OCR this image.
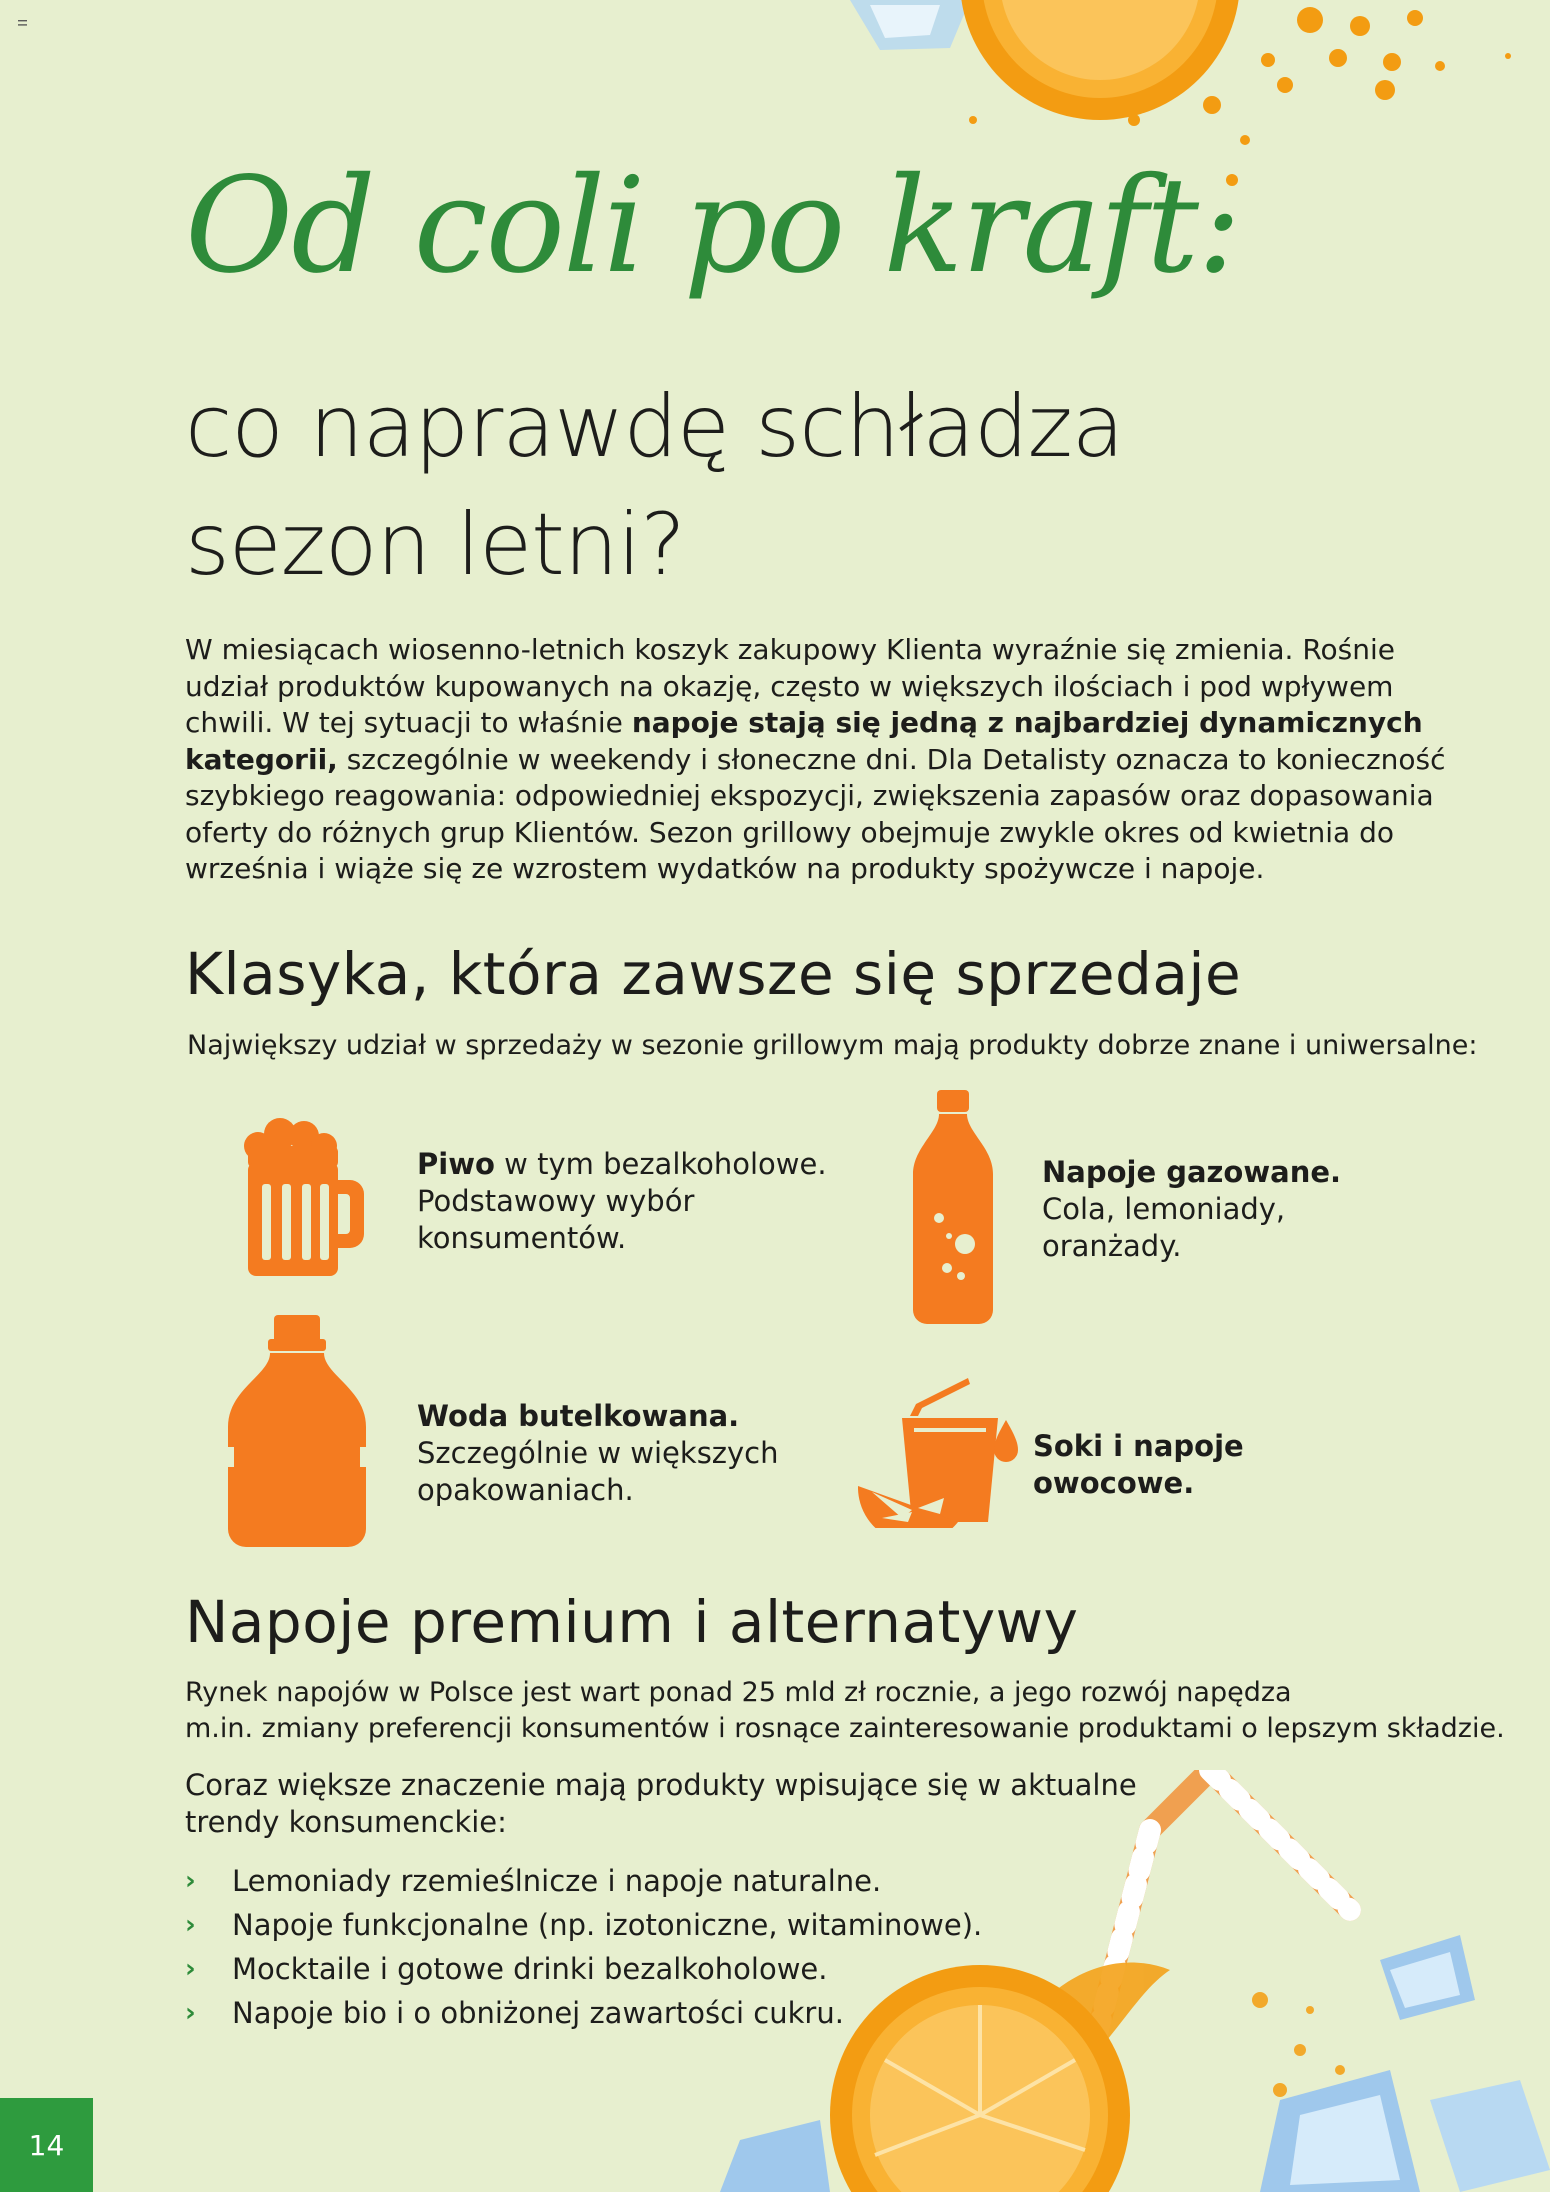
Od coli po kraft:
co naprawdę schładza
sezon letni?

W miesiącach wiosenno-letnich koszyk zakupowy Klienta wyraźnie się zmienia. Rośnie udział produktów kupowanych na okazję, często w większych ilościach i pod wpływem chwili. W tej sytuacji to właśnie napoje stają się jedną z najbardziej dynamicznych kategorii, szczególnie w weekendy i słoneczne dni. Dla Detalisty oznacza to konieczność szybkiego reagowania: odpowiedniej ekspozycji, zwiększenia zapasów oraz dopasowania oferty do różnych grup Klientów. Sezon grillowy obejmuje zwykle okres od kwietnia do września i wiąże się ze wzrostem wydatków na produkty spożywcze i napoje.

Klasyka, która zawsze się sprzedaje
Największy udział w sprzedaży w sezonie grillowym mają produkty dobrze znane i uniwersalne:
Piwo w tym bezalkoholowe.
Podstawowy wybór
konsumentów.
Napoje gazowane.
Cola, lemoniady,
oranżady.
Woda butelkowana.
Szczególnie w większych
opakowaniach.
Soki i napoje
owocowe.
Napoje premium i alternatywy
Rynek napojów w Polsce jest wart ponad 25 mld zł rocznie, a jego rozwój napędza
m.in. zmiany preferencji konsumentów i rosnące zainteresowanie produktami o lepszym składzie.
Coraz większe znaczenie mają produkty wpisujące się w aktualne
trendy konsumenckie:
›	Lemoniady rzemieślnicze i napoje naturalne.
›	Napoje funkcjonalne (np. izotoniczne, witaminowe).
›	Mocktaile i gotowe drinki bezalkoholowe.
›	Napoje bio i o obniżonej zawartości cukru.
14
